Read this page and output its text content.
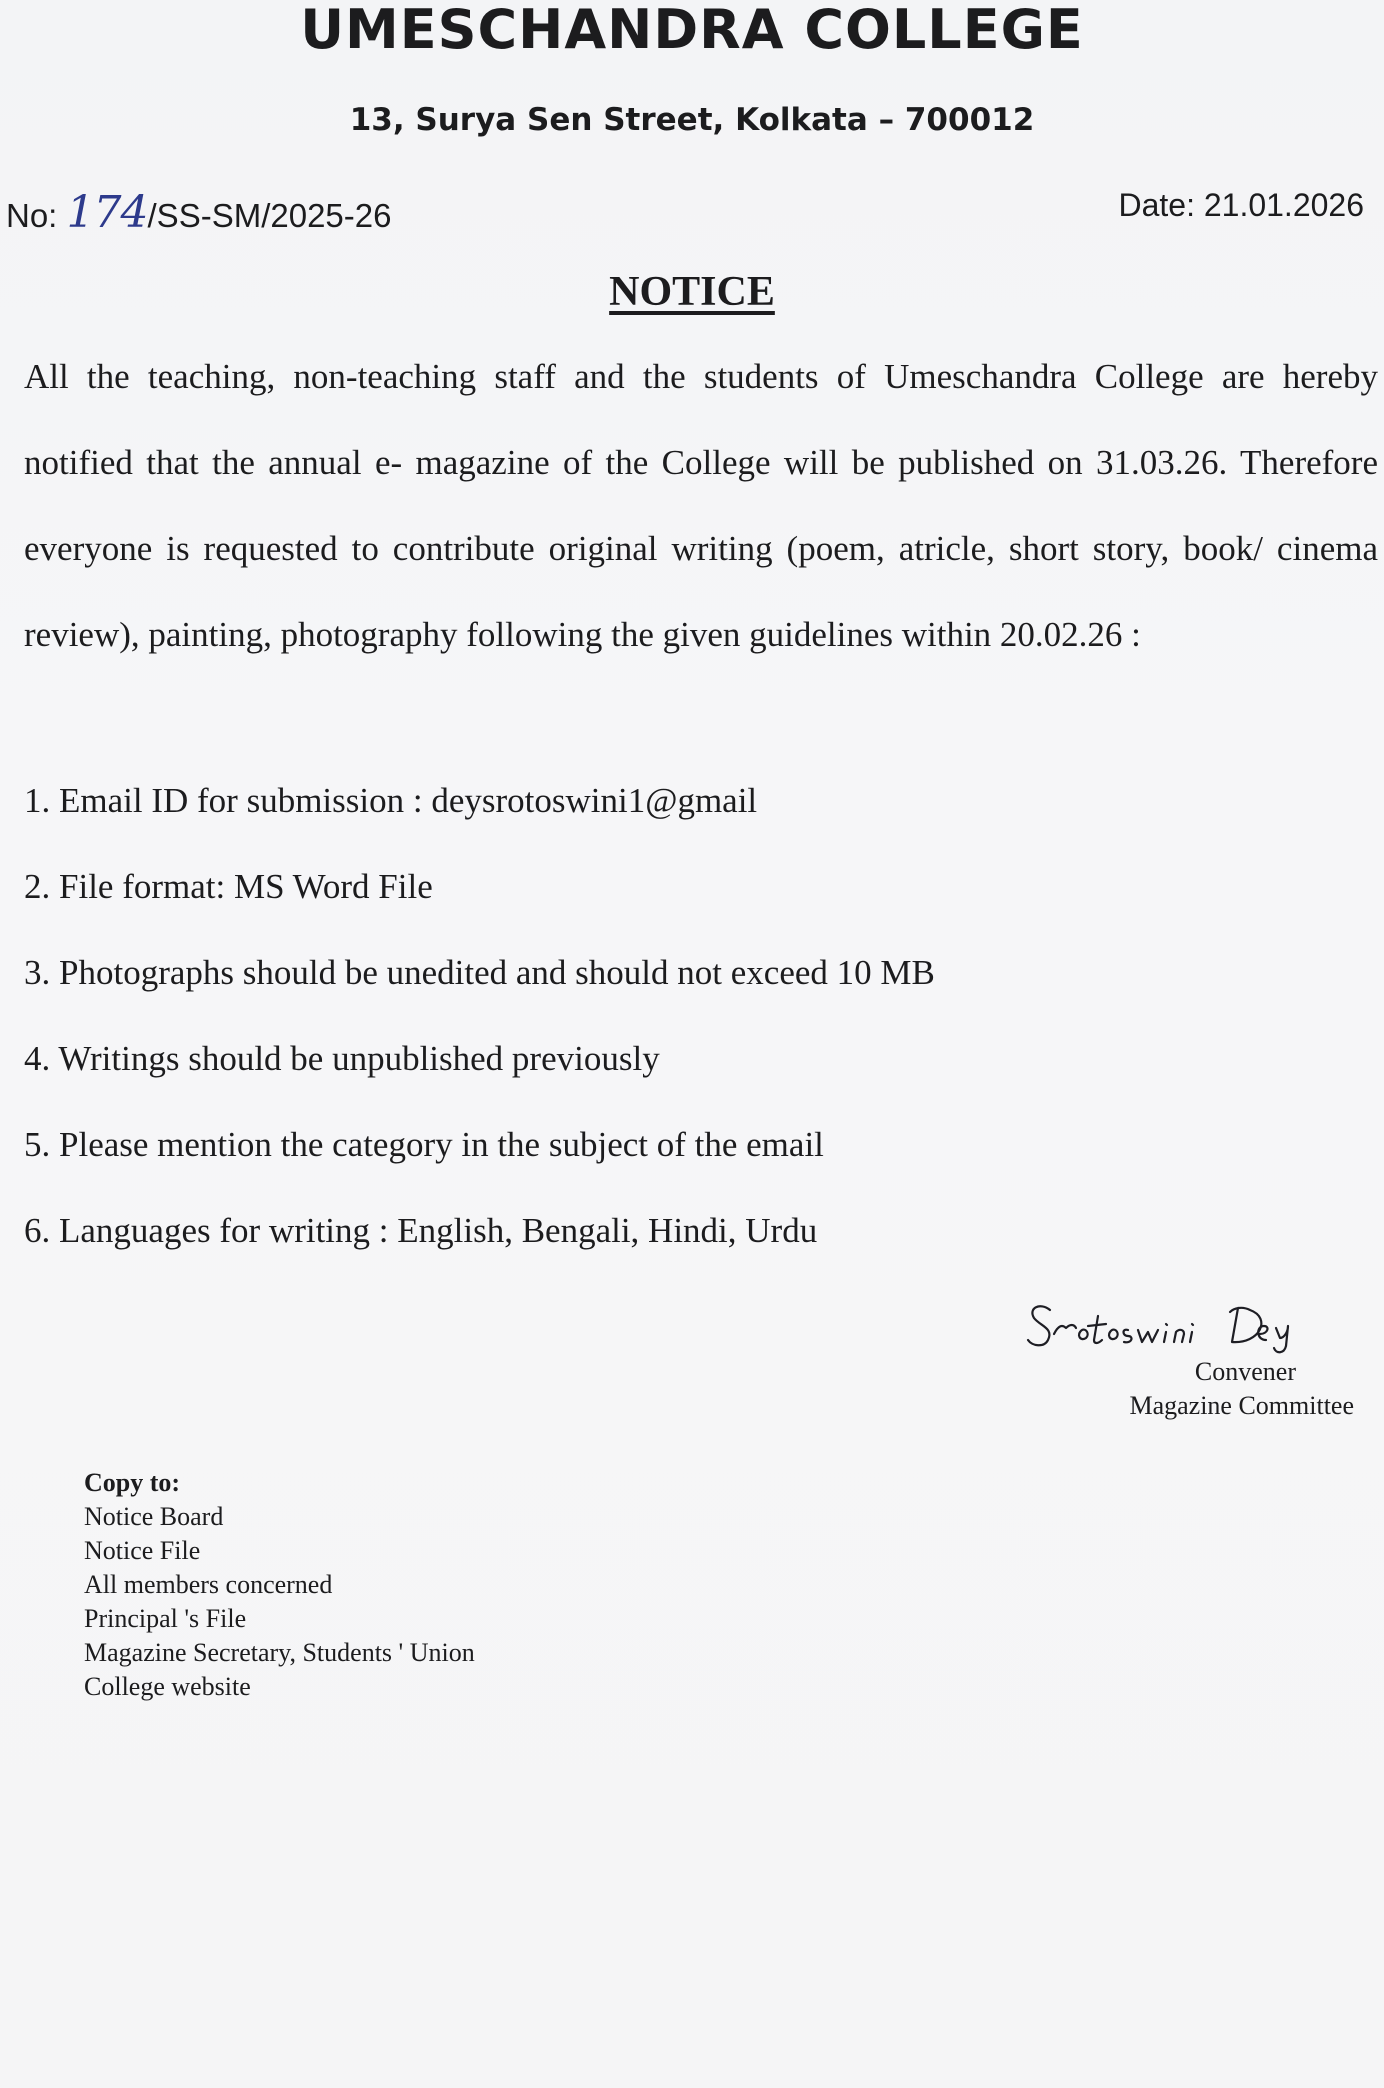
UMESCHANDRA COLLEGE
13, Surya Sen Street, Kolkata – 700012
No: 174/SS-SM/2025-26	Date: 21.01.2026
NOTICE

All the teaching, non-teaching staff and the students of Umeschandra College are hereby notified that the annual e- magazine of the College will be published on 31.03.26. Therefore everyone is requested to contribute original writing (poem, atricle, short story, book/ cinema review), painting, photography following the given guidelines within 20.02.26 :

1. Email ID for submission : deysrotoswini1@gmail
2. File format: MS Word File
3. Photographs should be unedited and should not exceed 10 MB
4. Writings should be unpublished previously
5. Please mention the category in the subject of the email
6. Languages for writing : English, Bengali, Hindi, Urdu
Convener
Magazine Committee
Copy to:
Notice Board
Notice File
All members concerned
Principal 's File
Magazine Secretary, Students ' Union
College website
